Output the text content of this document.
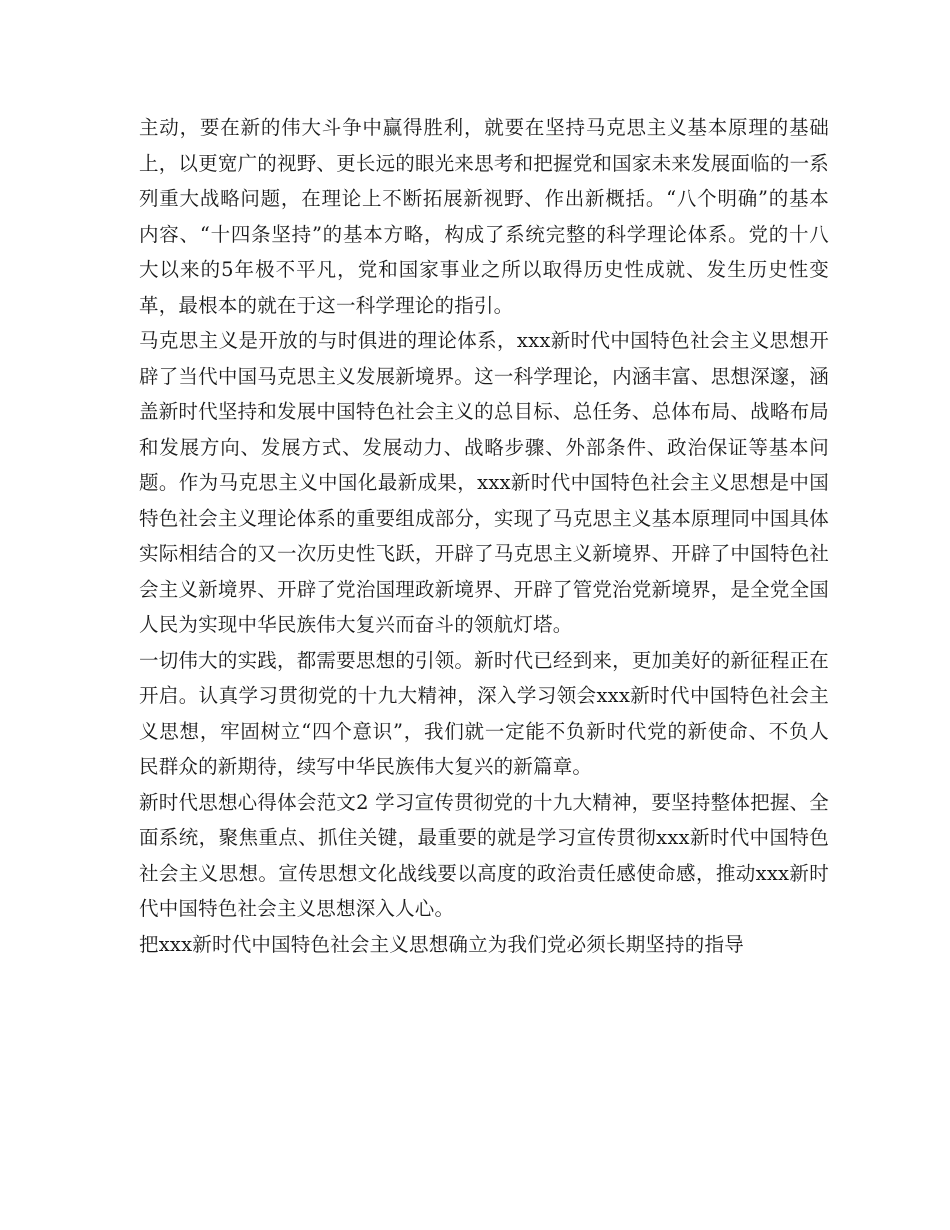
主动，要在新的伟大斗争中赢得胜利，就要在坚持马克思主义基本原理的基础上，以更宽广的视野、更长远的眼光来思考和把握党和国家未来发展面临的一系列重大战略问题，在理论上不断拓展新视野、作出新概括。“八个明确”的基本内容、“十四条坚持”的基本方略，构成了系统完整的科学理论体系。党的十八大以来的5年极不平凡，党和国家事业之所以取得历史性成就、发生历史性变革，最根本的就在于这一科学理论的指引。

马克思主义是开放的与时俱进的理论体系，xxx新时代中国特色社会主义思想开辟了当代中国马克思主义发展新境界。这一科学理论，内涵丰富、思想深邃，涵盖新时代坚持和发展中国特色社会主义的总目标、总任务、总体布局、战略布局和发展方向、发展方式、发展动力、战略步骤、外部条件、政治保证等基本问题。作为马克思主义中国化最新成果，xxx新时代中国特色社会主义思想是中国特色社会主义理论体系的重要组成部分，实现了马克思主义基本原理同中国具体实际相结合的又一次历史性飞跃，开辟了马克思主义新境界、开辟了中国特色社会主义新境界、开辟了党治国理政新境界、开辟了管党治党新境界，是全党全国人民为实现中华民族伟大复兴而奋斗的领航灯塔。

一切伟大的实践，都需要思想的引领。新时代已经到来，更加美好的新征程正在开启。认真学习贯彻党的十九大精神，深入学习领会xxx新时代中国特色社会主义思想，牢固树立“四个意识”，我们就一定能不负新时代党的新使命、不负人民群众的新期待，续写中华民族伟大复兴的新篇章。

新时代思想心得体会范文2 学习宣传贯彻党的十九大精神，要坚持整体把握、全面系统，聚焦重点、抓住关键，最重要的就是学习宣传贯彻xxx新时代中国特色社会主义思想。宣传思想文化战线要以高度的政治责任感使命感，推动xxx新时代中国特色社会主义思想深入人心。

把xxx新时代中国特色社会主义思想确立为我们党必须长期坚持的指导
